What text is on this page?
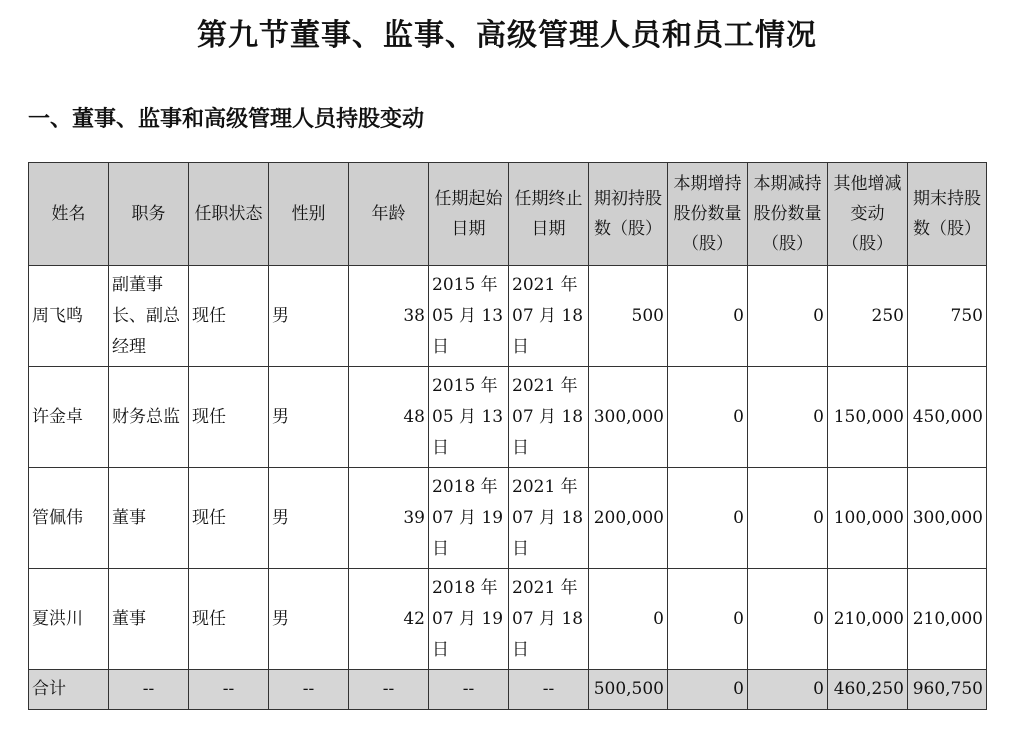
第九节董事、监事、高级管理人员和员工情况
一、董事、监事和高级管理人员持股变动
姓名	职务	任职状态	性别	年龄	任期起始日期	任期终止日期	期初持股数（股）	本期增持股份数量（股）	本期减持股份数量（股）	其他增减变动（股）	期末持股数（股）
周飞鸣	副董事长、副总经理	现任	男	38	2015 年 05 月 13 日	2021 年 07 月 18 日	500	0	0	250	750
许金卓	财务总监	现任	男	48	2015 年 05 月 13 日	2021 年 07 月 18 日	300,000	0	0	150,000	450,000
管佩伟	董事	现任	男	39	2018 年 07 月 19 日	2021 年 07 月 18 日	200,000	0	0	100,000	300,000
夏洪川	董事	现任	男	42	2018 年 07 月 19 日	2021 年 07 月 18 日	0	0	0	210,000	210,000
合计	--	--	--	--	--	--	500,500	0	0	460,250	960,750
